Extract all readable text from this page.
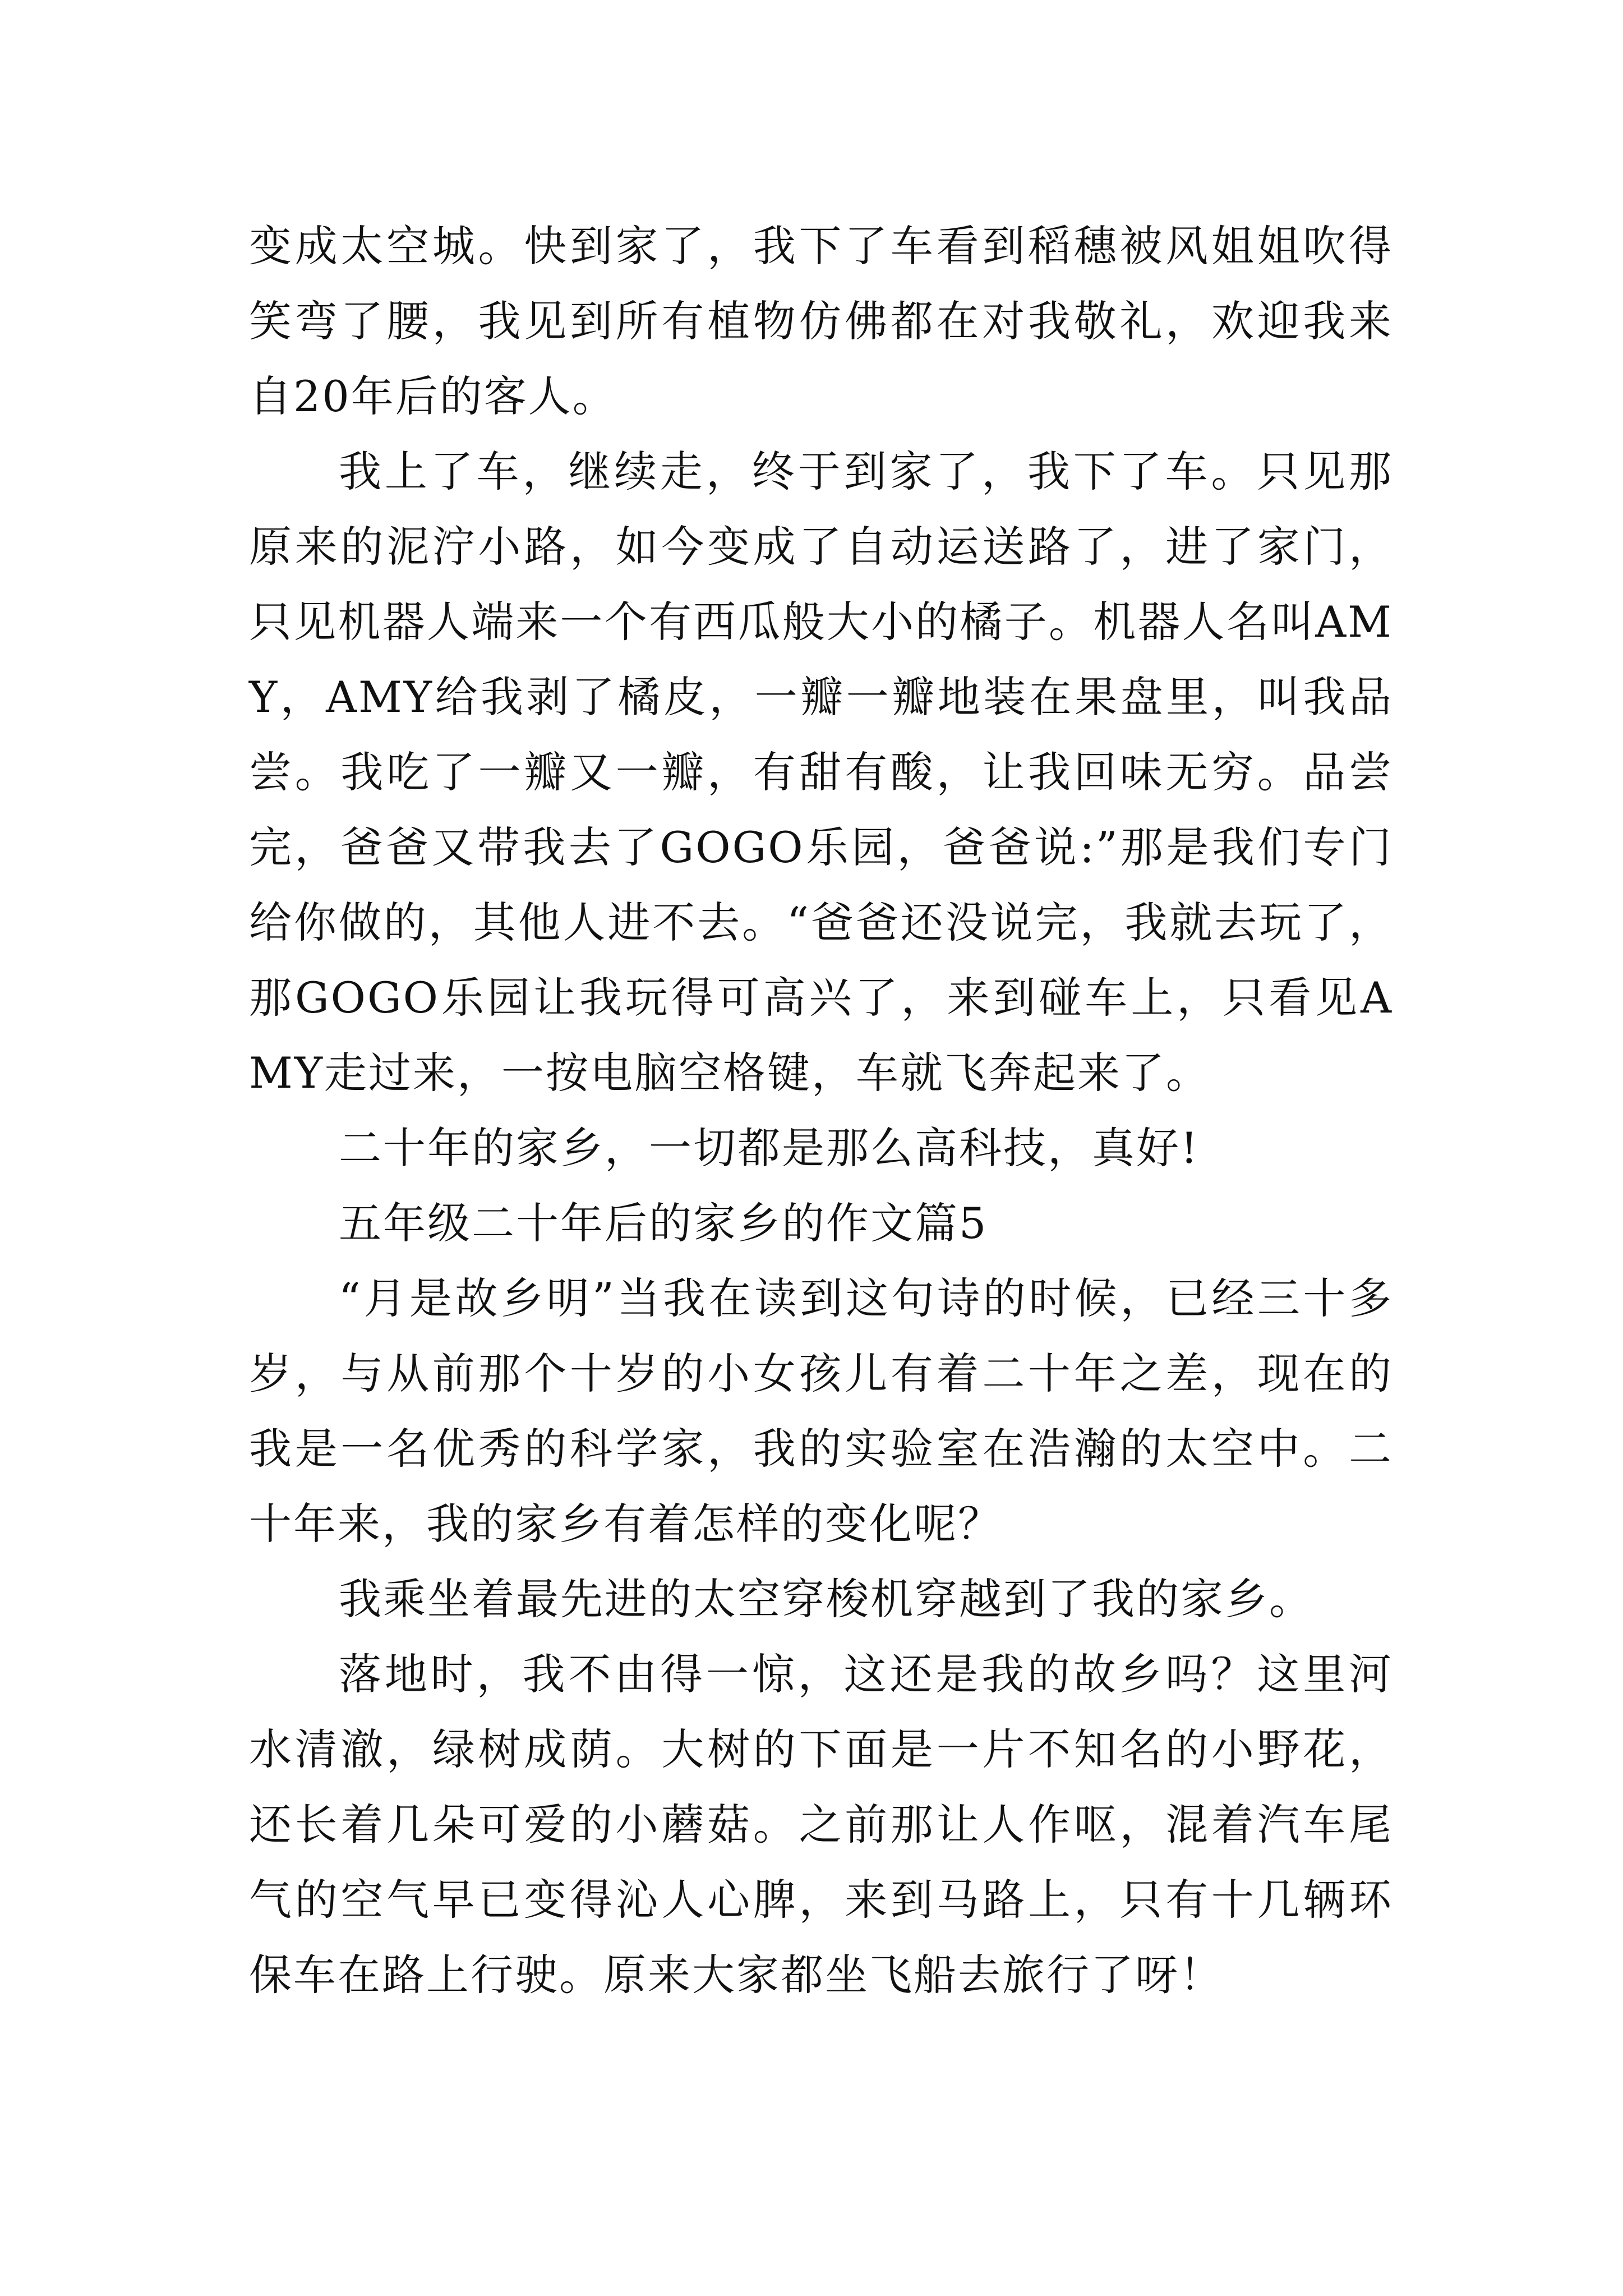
变成太空城。快到家了，我下了车看到稻穗被风姐姐吹得笑弯了腰，我见到所有植物仿佛都在对我敬礼，欢迎我来自20年后的客人。

我上了车，继续走，终于到家了，我下了车。只见那原来的泥泞小路，如今变成了自动运送路了，进了家门，只见机器人端来一个有西瓜般大小的橘子。机器人名叫AMY，AMY给我剥了橘皮，一瓣一瓣地装在果盘里，叫我品尝。我吃了一瓣又一瓣，有甜有酸，让我回味无穷。品尝完，爸爸又带我去了GOGO乐园，爸爸说:”那是我们专门给你做的，其他人进不去。“爸爸还没说完，我就去玩了，那GOGO乐园让我玩得可高兴了，来到碰车上，只看见AMY走过来，一按电脑空格键，车就飞奔起来了。

二十年的家乡，一切都是那么高科技，真好!

五年级二十年后的家乡的作文篇5

“月是故乡明”当我在读到这句诗的时候，已经三十多岁，与从前那个十岁的小女孩儿有着二十年之差，现在的我是一名优秀的科学家，我的实验室在浩瀚的太空中。二十年来，我的家乡有着怎样的变化呢？

我乘坐着最先进的太空穿梭机穿越到了我的家乡。

落地时，我不由得一惊，这还是我的故乡吗？这里河水清澈，绿树成荫。大树的下面是一片不知名的小野花，还长着几朵可爱的小蘑菇。之前那让人作呕，混着汽车尾气的空气早已变得沁人心脾，来到马路上，只有十几辆环保车在路上行驶。原来大家都坐飞船去旅行了呀！
